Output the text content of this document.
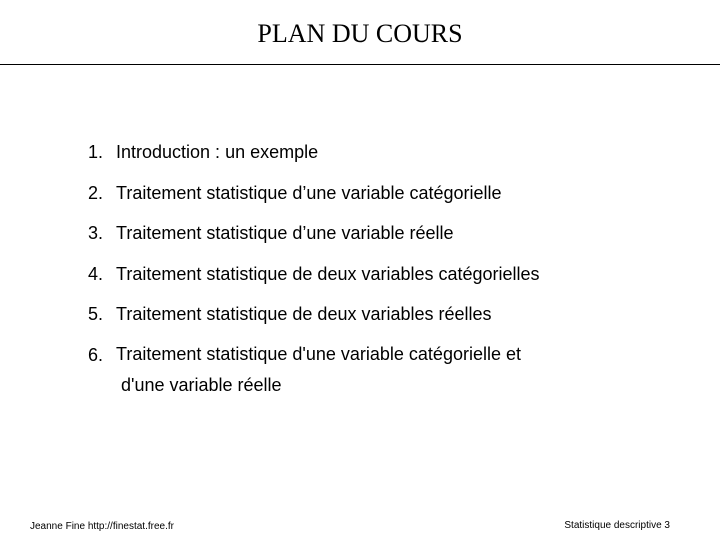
PLAN DU COURS
1. Introduction : un exemple
2. Traitement statistique d’une variable catégorielle
3. Traitement statistique d’une variable réelle
4. Traitement statistique de deux variables catégorielles
5. Traitement statistique de deux variables réelles
6. Traitement statistique d'une variable catégorielle et
d'une variable réelle
Jeanne Fine http://finestat.free.fr	Statistique descriptive 3
